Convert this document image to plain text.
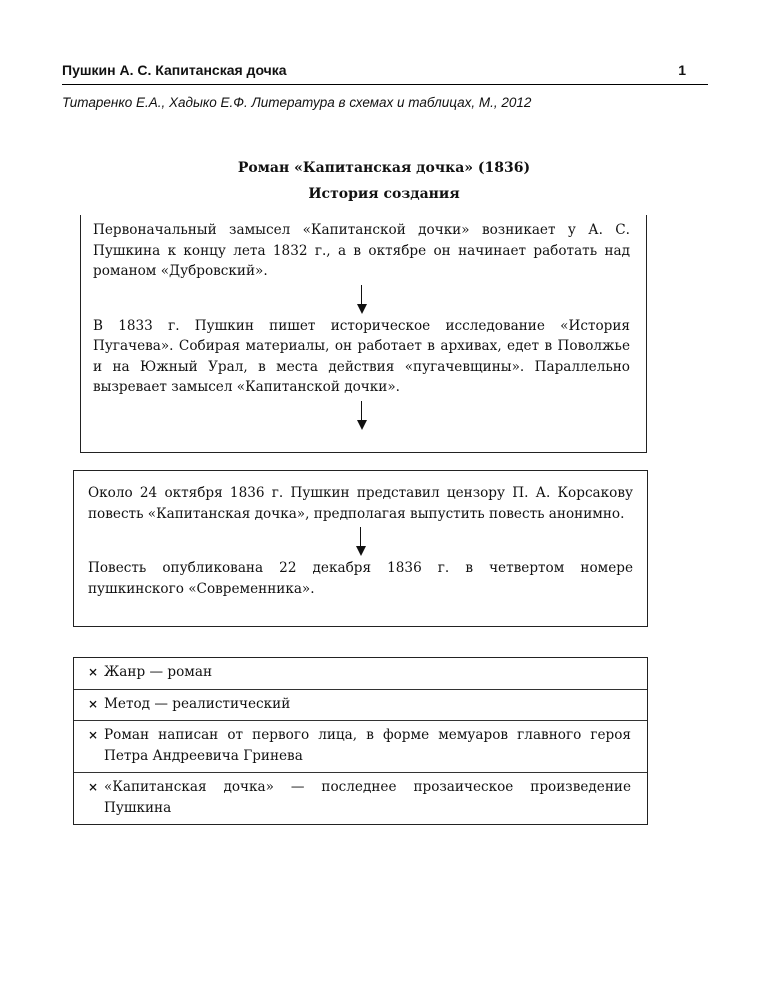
Пушкин А. С. Капитанская дочка	1
Титаренко Е.А., Хадыко Е.Ф. Литература в схемах и таблицах, М., 2012
Роман «Капитанская дочка» (1836)
История создания
Первоначальный замысел «Капитанской дочки» возникает у А. С. Пушкина к концу лета 1832 г., а в октябре он начинает работать над романом «Дубровский».
В 1833 г. Пушкин пишет историческое исследование «История Пугачева». Собирая материалы, он работает в архивах, едет в Поволжье и на Южный Урал, в места действия «пугачевщины». Параллельно вызревает замысел «Капитанской дочки».
Около 24 октября 1836 г. Пушкин представил цензору П. А. Корсакову повесть «Капитанская дочка», предполагая выпустить повесть анонимно.
Повесть опубликована 22 декабря 1836 г. в четвертом номере пушкинского «Современника».
× Жанр — роман
× Метод — реалистический
× Роман написан от первого лица, в форме мемуаров главного героя Петра Андреевича Гринева
× «Капитанская дочка» — последнее прозаическое произведение Пушкина
